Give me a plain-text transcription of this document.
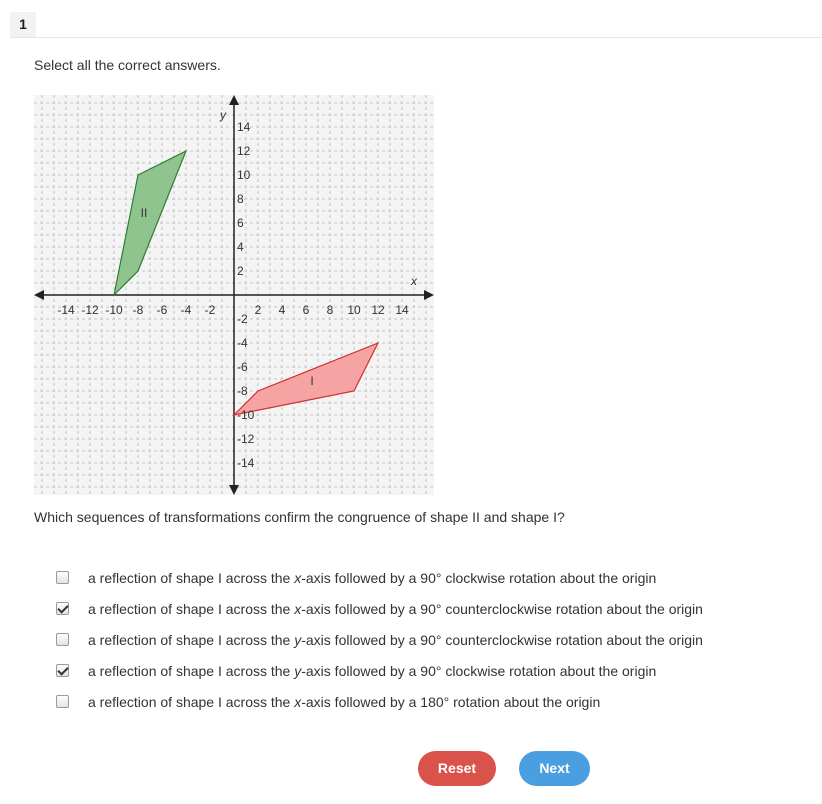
1
Select all the correct answers.
x
y
II
I
-14 -12 -10 -8 -6 -4 -2	2 4 6 8 10 12 14
14
12
10
8
6
4
2
-2
-4
-6
-8
-10
-12
-14
Which sequences of transformations confirm the congruence of shape II and shape I?
a reflection of shape I across the x-axis followed by a 90° clockwise rotation about the origin
a reflection of shape I across the x-axis followed by a 90° counterclockwise rotation about the origin
a reflection of shape I across the y-axis followed by a 90° counterclockwise rotation about the origin
a reflection of shape I across the y-axis followed by a 90° clockwise rotation about the origin
a reflection of shape I across the x-axis followed by a 180° rotation about the origin
Reset	Next
